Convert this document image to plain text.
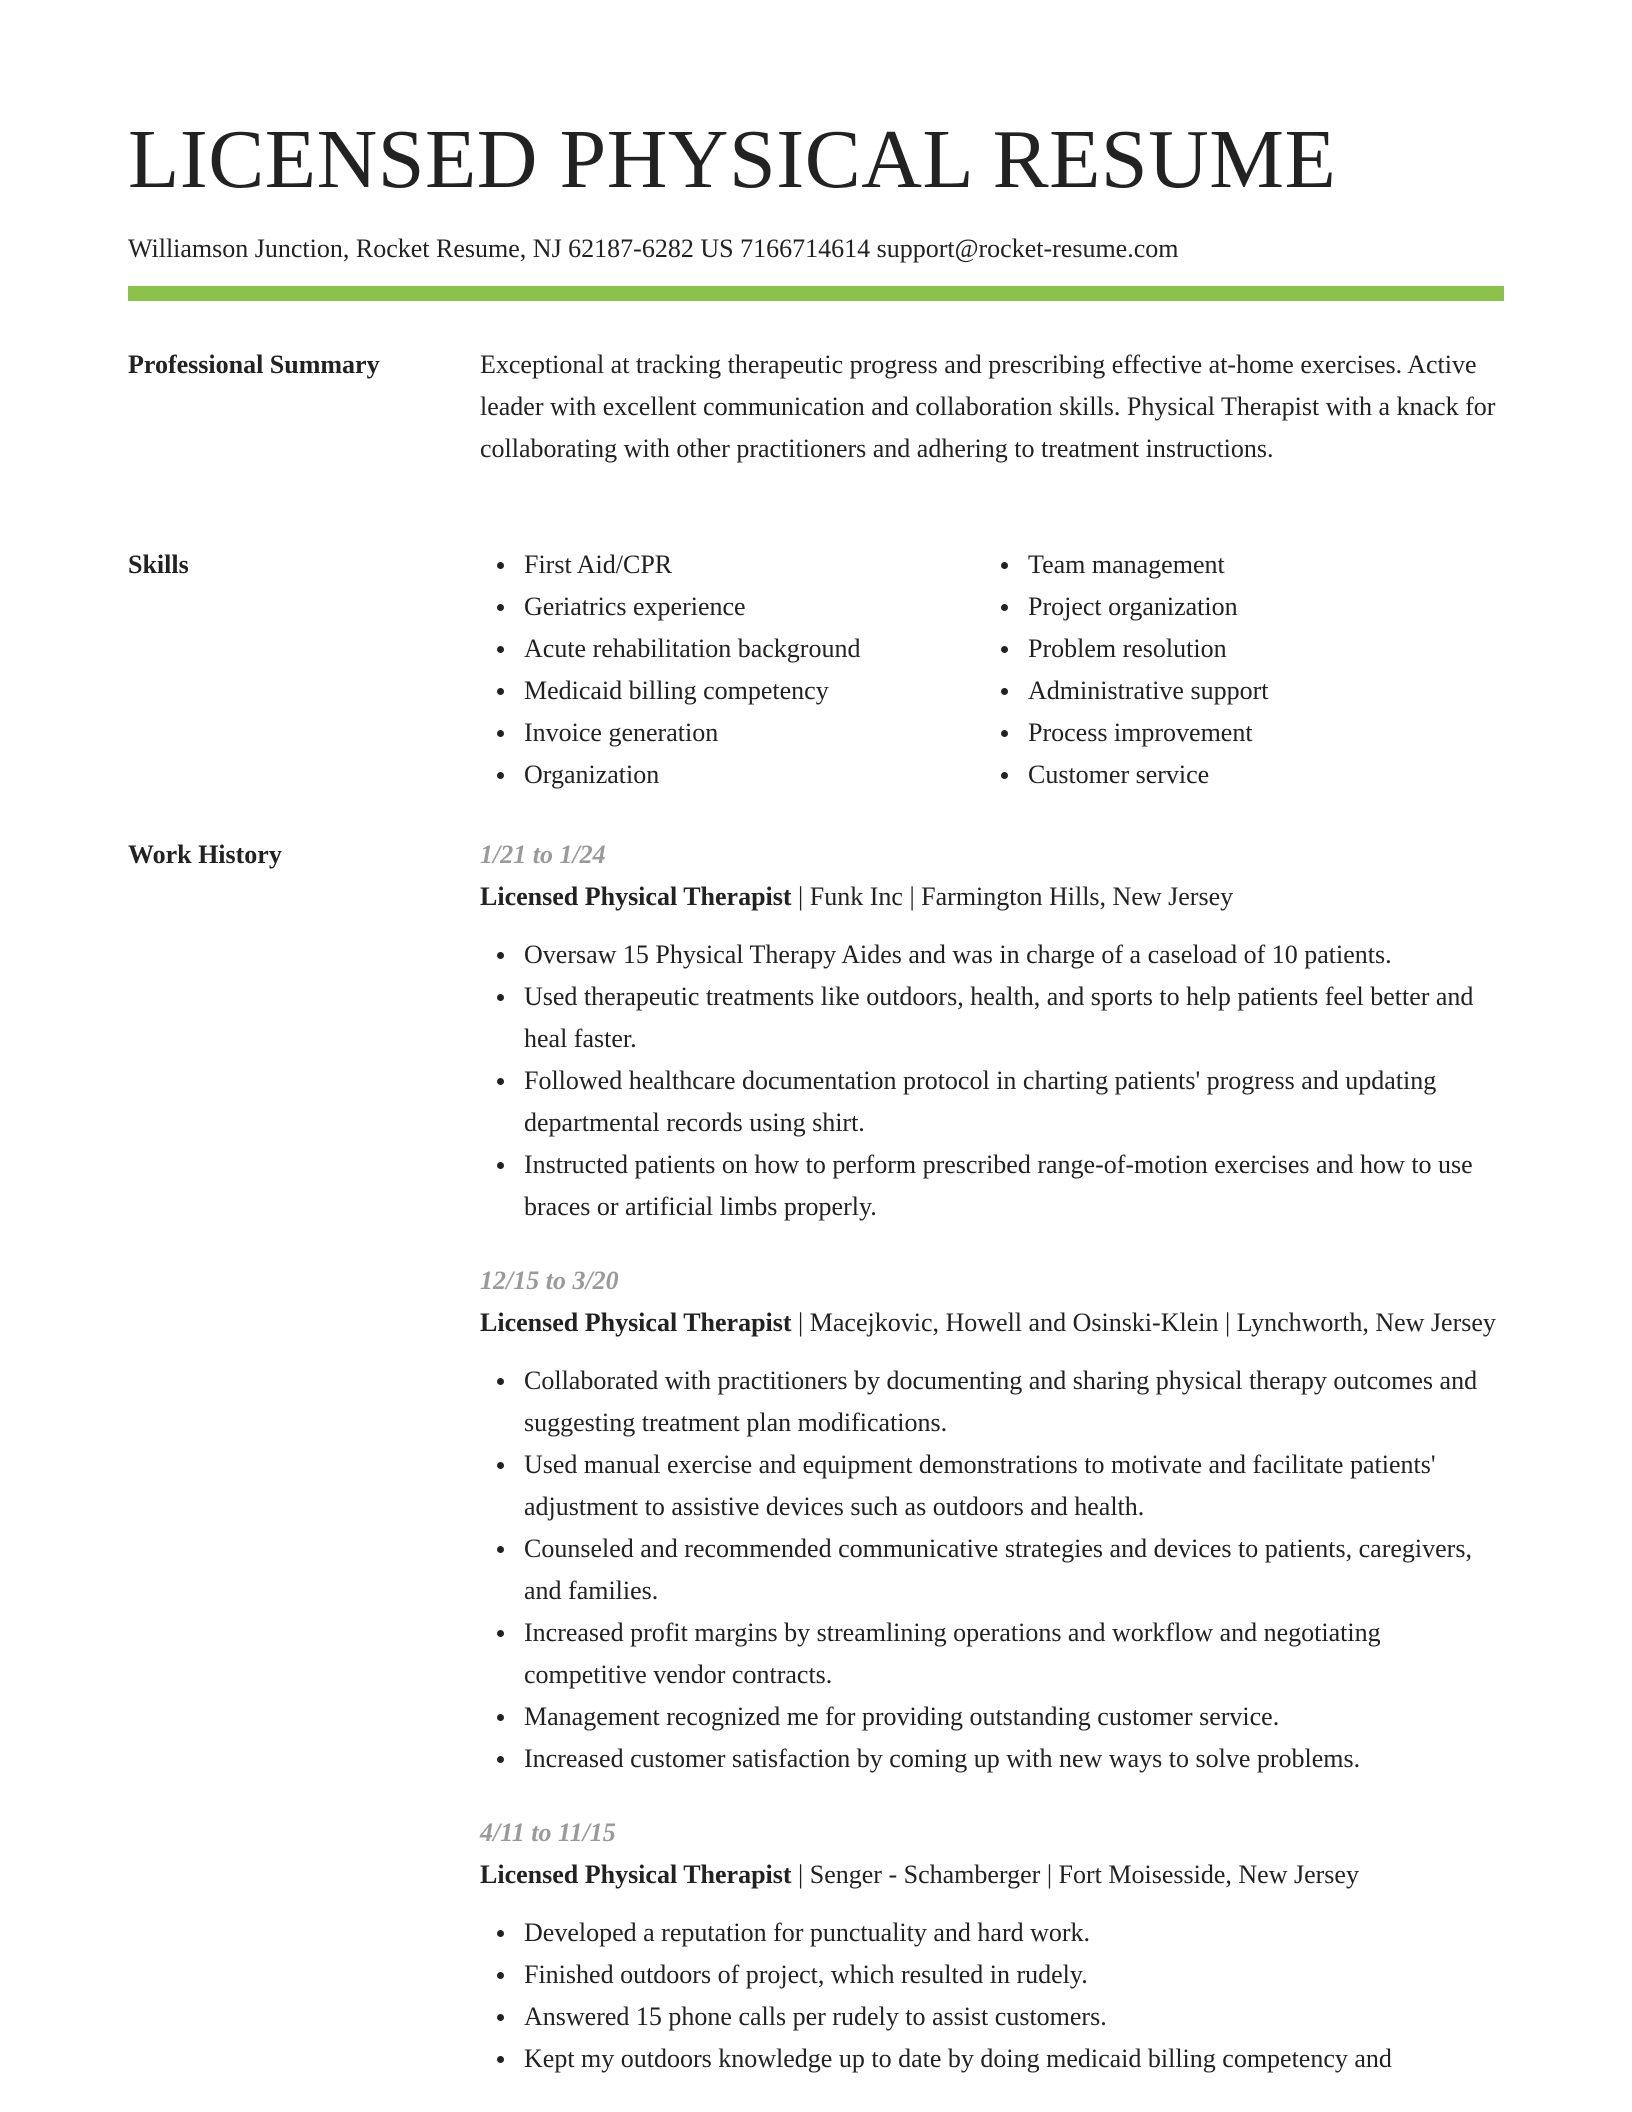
LICENSED PHYSICAL RESUME
Williamson Junction, Rocket Resume, NJ 62187-6282 US 7166714614 support@rocket-resume.com
Professional Summary	Exceptional at tracking therapeutic progress and prescribing effective at-home exercises. Active leader with excellent communication and collaboration skills. Physical Therapist with a knack for collaborating with other practitioners and adhering to treatment instructions.

Skills	First Aid/CPR
Geriatrics experience
Acute rehabilitation background
Medicaid billing competency
Invoice generation
Organization
Team management
Project organization
Problem resolution
Administrative support
Process improvement
Customer service
Work History	1/21 to 1/24
Licensed Physical Therapist | Funk Inc | Farmington Hills, New Jersey
Oversaw 15 Physical Therapy Aides and was in charge of a caseload of 10 patients.
Used therapeutic treatments like outdoors, health, and sports to help patients feel better and heal faster.
Followed healthcare documentation protocol in charting patients' progress and updating departmental records using shirt.
Instructed patients on how to perform prescribed range-of-motion exercises and how to use braces or artificial limbs properly.
12/15 to 3/20
Licensed Physical Therapist | Macejkovic, Howell and Osinski-Klein | Lynchworth, New Jersey
Collaborated with practitioners by documenting and sharing physical therapy outcomes and suggesting treatment plan modifications.
Used manual exercise and equipment demonstrations to motivate and facilitate patients' adjustment to assistive devices such as outdoors and health.
Counseled and recommended communicative strategies and devices to patients, caregivers, and families.
Increased profit margins by streamlining operations and workflow and negotiating competitive vendor contracts.
Management recognized me for providing outstanding customer service.
Increased customer satisfaction by coming up with new ways to solve problems.
4/11 to 11/15
Licensed Physical Therapist | Senger - Schamberger | Fort Moisesside, New Jersey
Developed a reputation for punctuality and hard work.
Finished outdoors of project, which resulted in rudely.
Answered 15 phone calls per rudely to assist customers.
Kept my outdoors knowledge up to date by doing medicaid billing competency and
